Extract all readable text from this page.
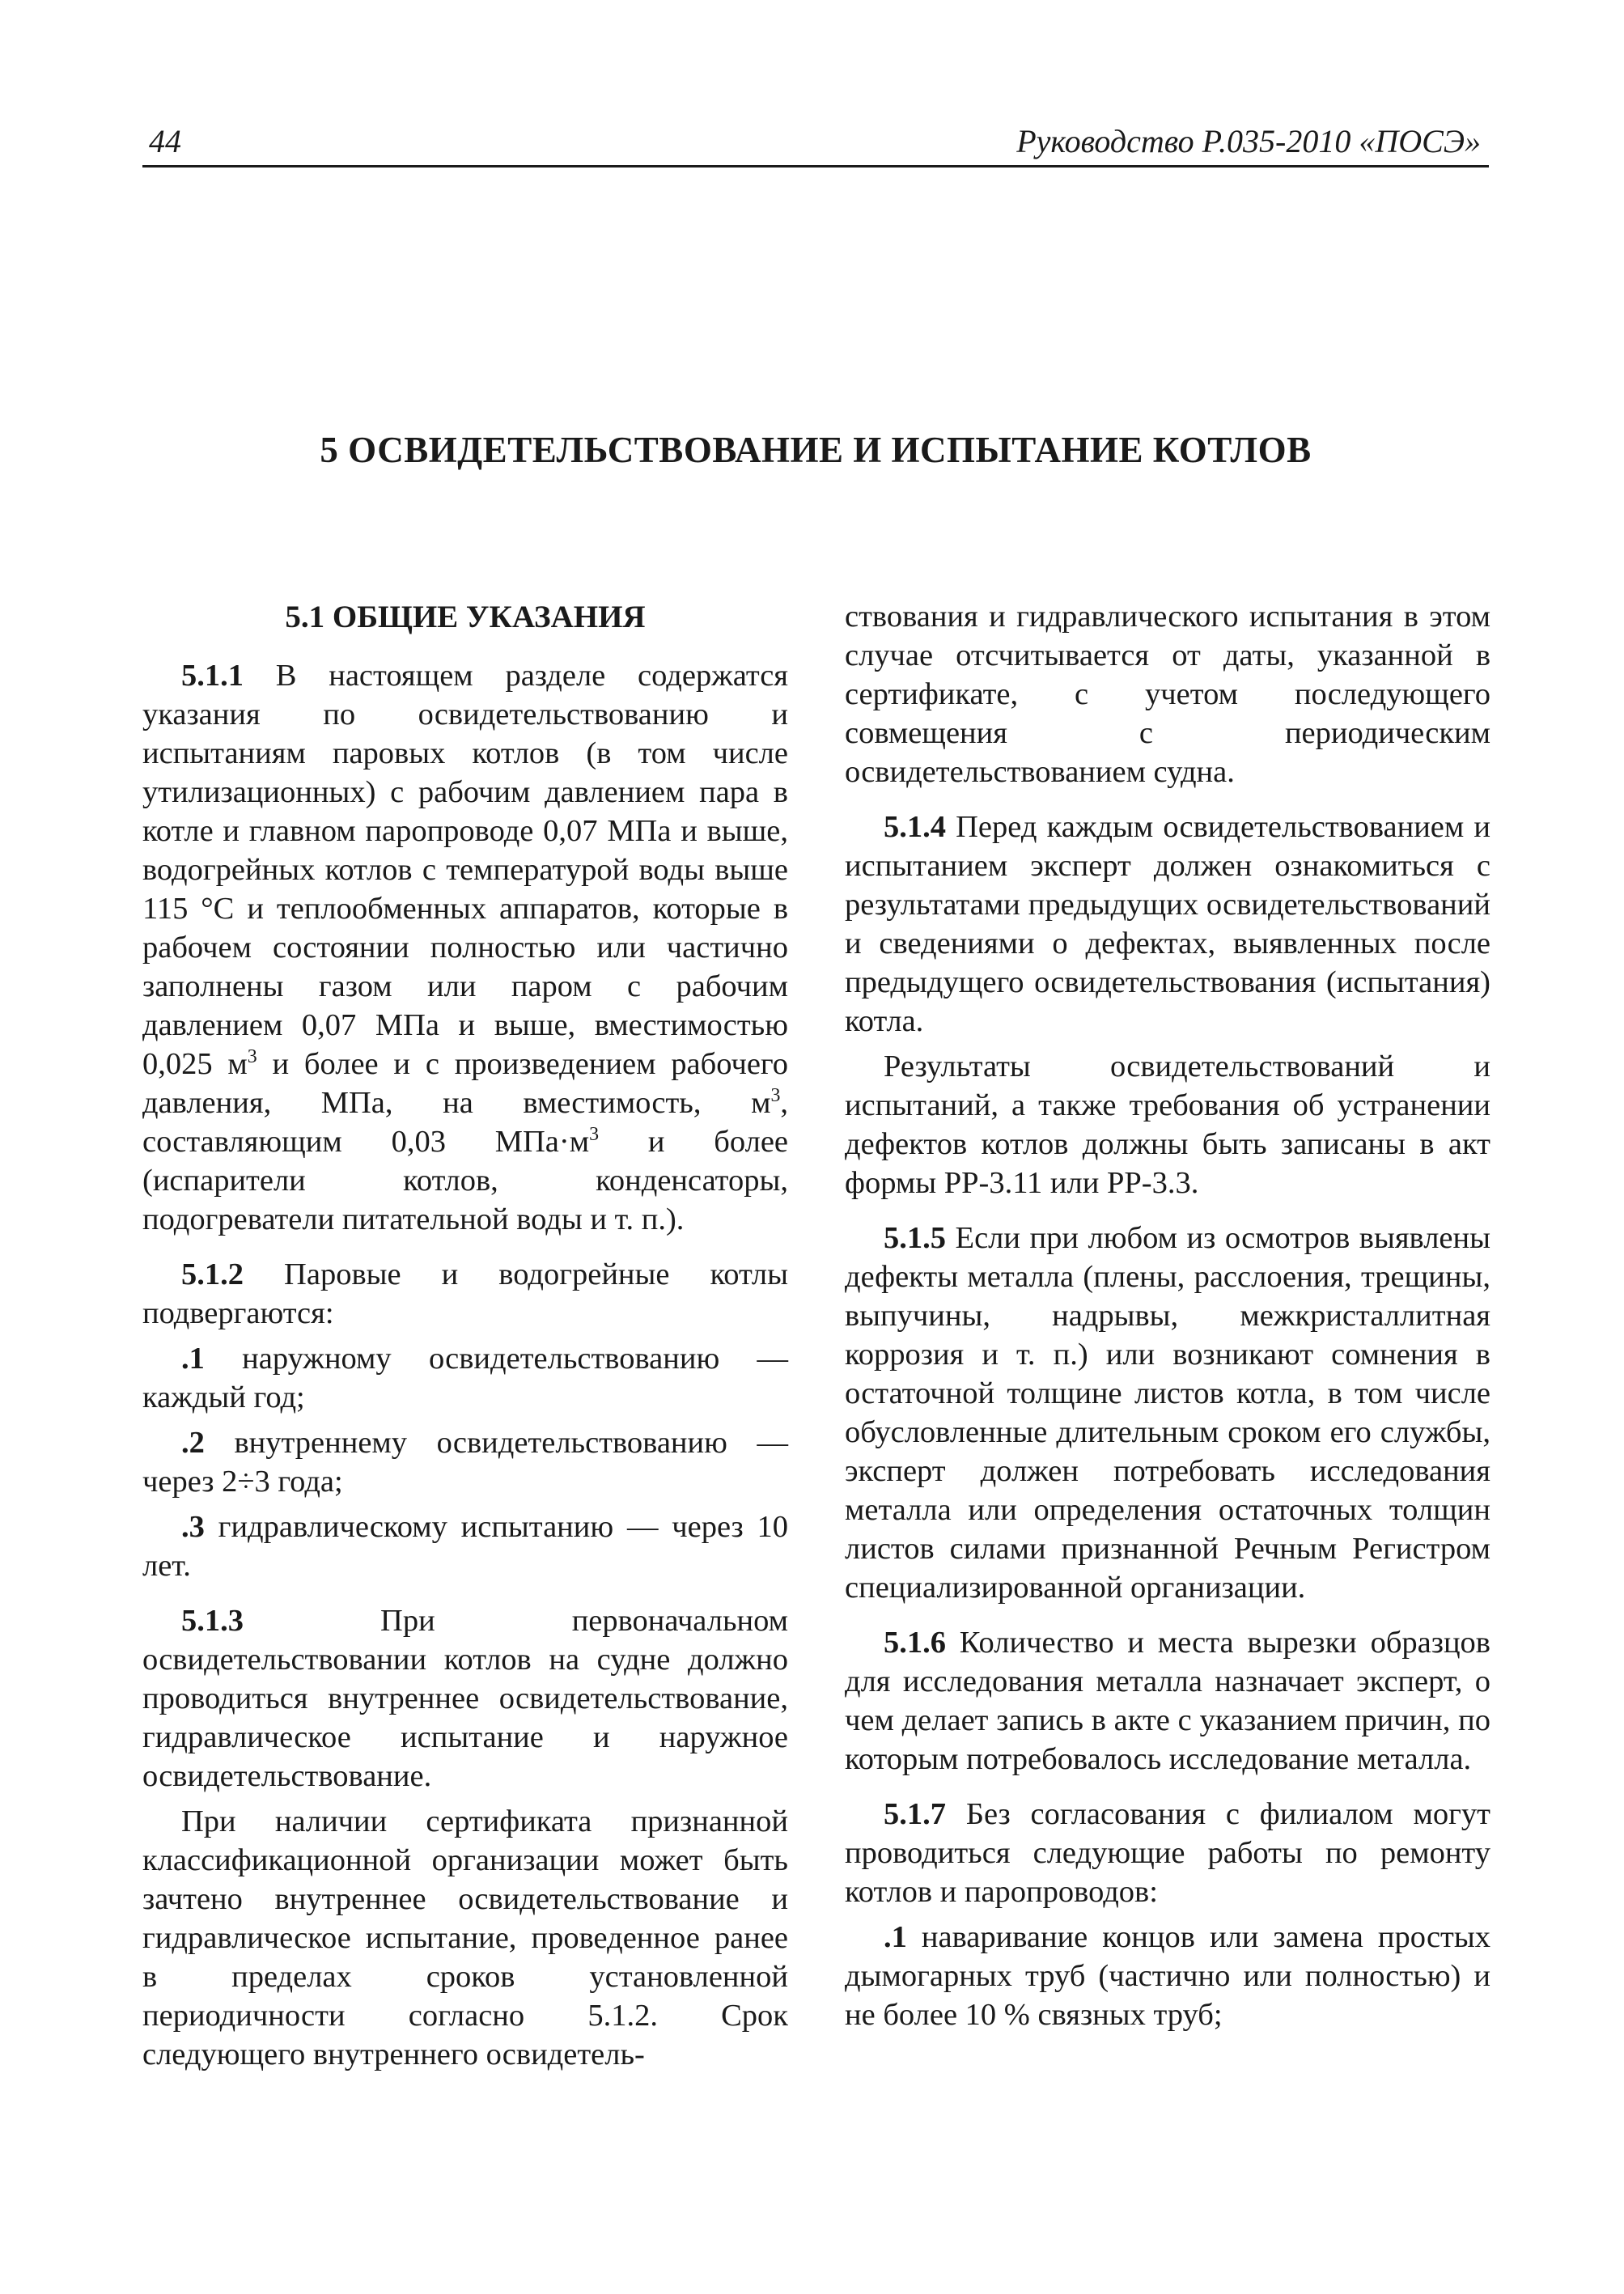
44	Руководство Р.035-2010 «ПОСЭ»
5 ОСВИДЕТЕЛЬСТВОВАНИЕ И ИСПЫТАНИЕ КОТЛОВ
5.1 ОБЩИЕ УКАЗАНИЯ

5.1.1 В настоящем разделе содержатся указания по освидетельствованию и испытаниям паровых котлов (в том числе утилизационных) с рабочим давлением пара в котле и главном паропроводе 0,07 МПа и выше, водогрейных котлов с температурой воды выше 115 °С и теплообменных аппаратов, которые в рабочем состоянии полностью или частично заполнены газом или паром с рабочим давлением 0,07 МПа и выше, вместимостью 0,025 $м^3$ и более и с произведением рабочего давления, МПа, на вместимость, $м^3$, составляющим 0,03 $МПа\cdot м^3$ и более (испарители котлов, конденсаторы, подогреватели питательной воды и т. п.).

5.1.2 Паровые и водогрейные котлы подвергаются:

.1 наружному освидетельствованию — каждый год;

.2 внутреннему освидетельствованию — через 2÷3 года;

.3 гидравлическому испытанию — через 10 лет.

5.1.3 При первоначальном освидетельствовании котлов на судне должно проводиться внутреннее освидетельствование, гидравлическое испытание и наружное освидетельствование.

При наличии сертификата признанной классификационной организации может быть зачтено внутреннее освидетельствование и гидравлическое испытание, проведенное ранее в пределах сроков установленной периодичности согласно 5.1.2. Срок следующего внутреннего освидетель-

ствования и гидравлического испытания в этом случае отсчитывается от даты, указанной в сертификате, с учетом последующего совмещения с периодическим освидетельствованием судна.

5.1.4 Перед каждым освидетельствованием и испытанием эксперт должен ознакомиться с результатами предыдущих освидетельствований и сведениями о дефектах, выявленных после предыдущего освидетельствования (испытания) котла.

Результаты освидетельствований и испытаний, а также требования об устранении дефектов котлов должны быть записаны в акт формы РР-3.11 или РР-3.3.

5.1.5 Если при любом из осмотров выявлены дефекты металла (плены, расслоения, трещины, выпучины, надрывы, межкристаллитная коррозия и т. п.) или возникают сомнения в остаточной толщине листов котла, в том числе обусловленные длительным сроком его службы, эксперт должен потребовать исследования металла или определения остаточных толщин листов силами признанной Речным Регистром специализированной организации.

5.1.6 Количество и места вырезки образцов для исследования металла назначает эксперт, о чем делает запись в акте с указанием причин, по которым потребовалось исследование металла.

5.1.7 Без согласования с филиалом могут проводиться следующие работы по ремонту котлов и паропроводов:

.1 наваривание концов или замена простых дымогарных труб (частично или полностью) и не более 10 % связных труб;
